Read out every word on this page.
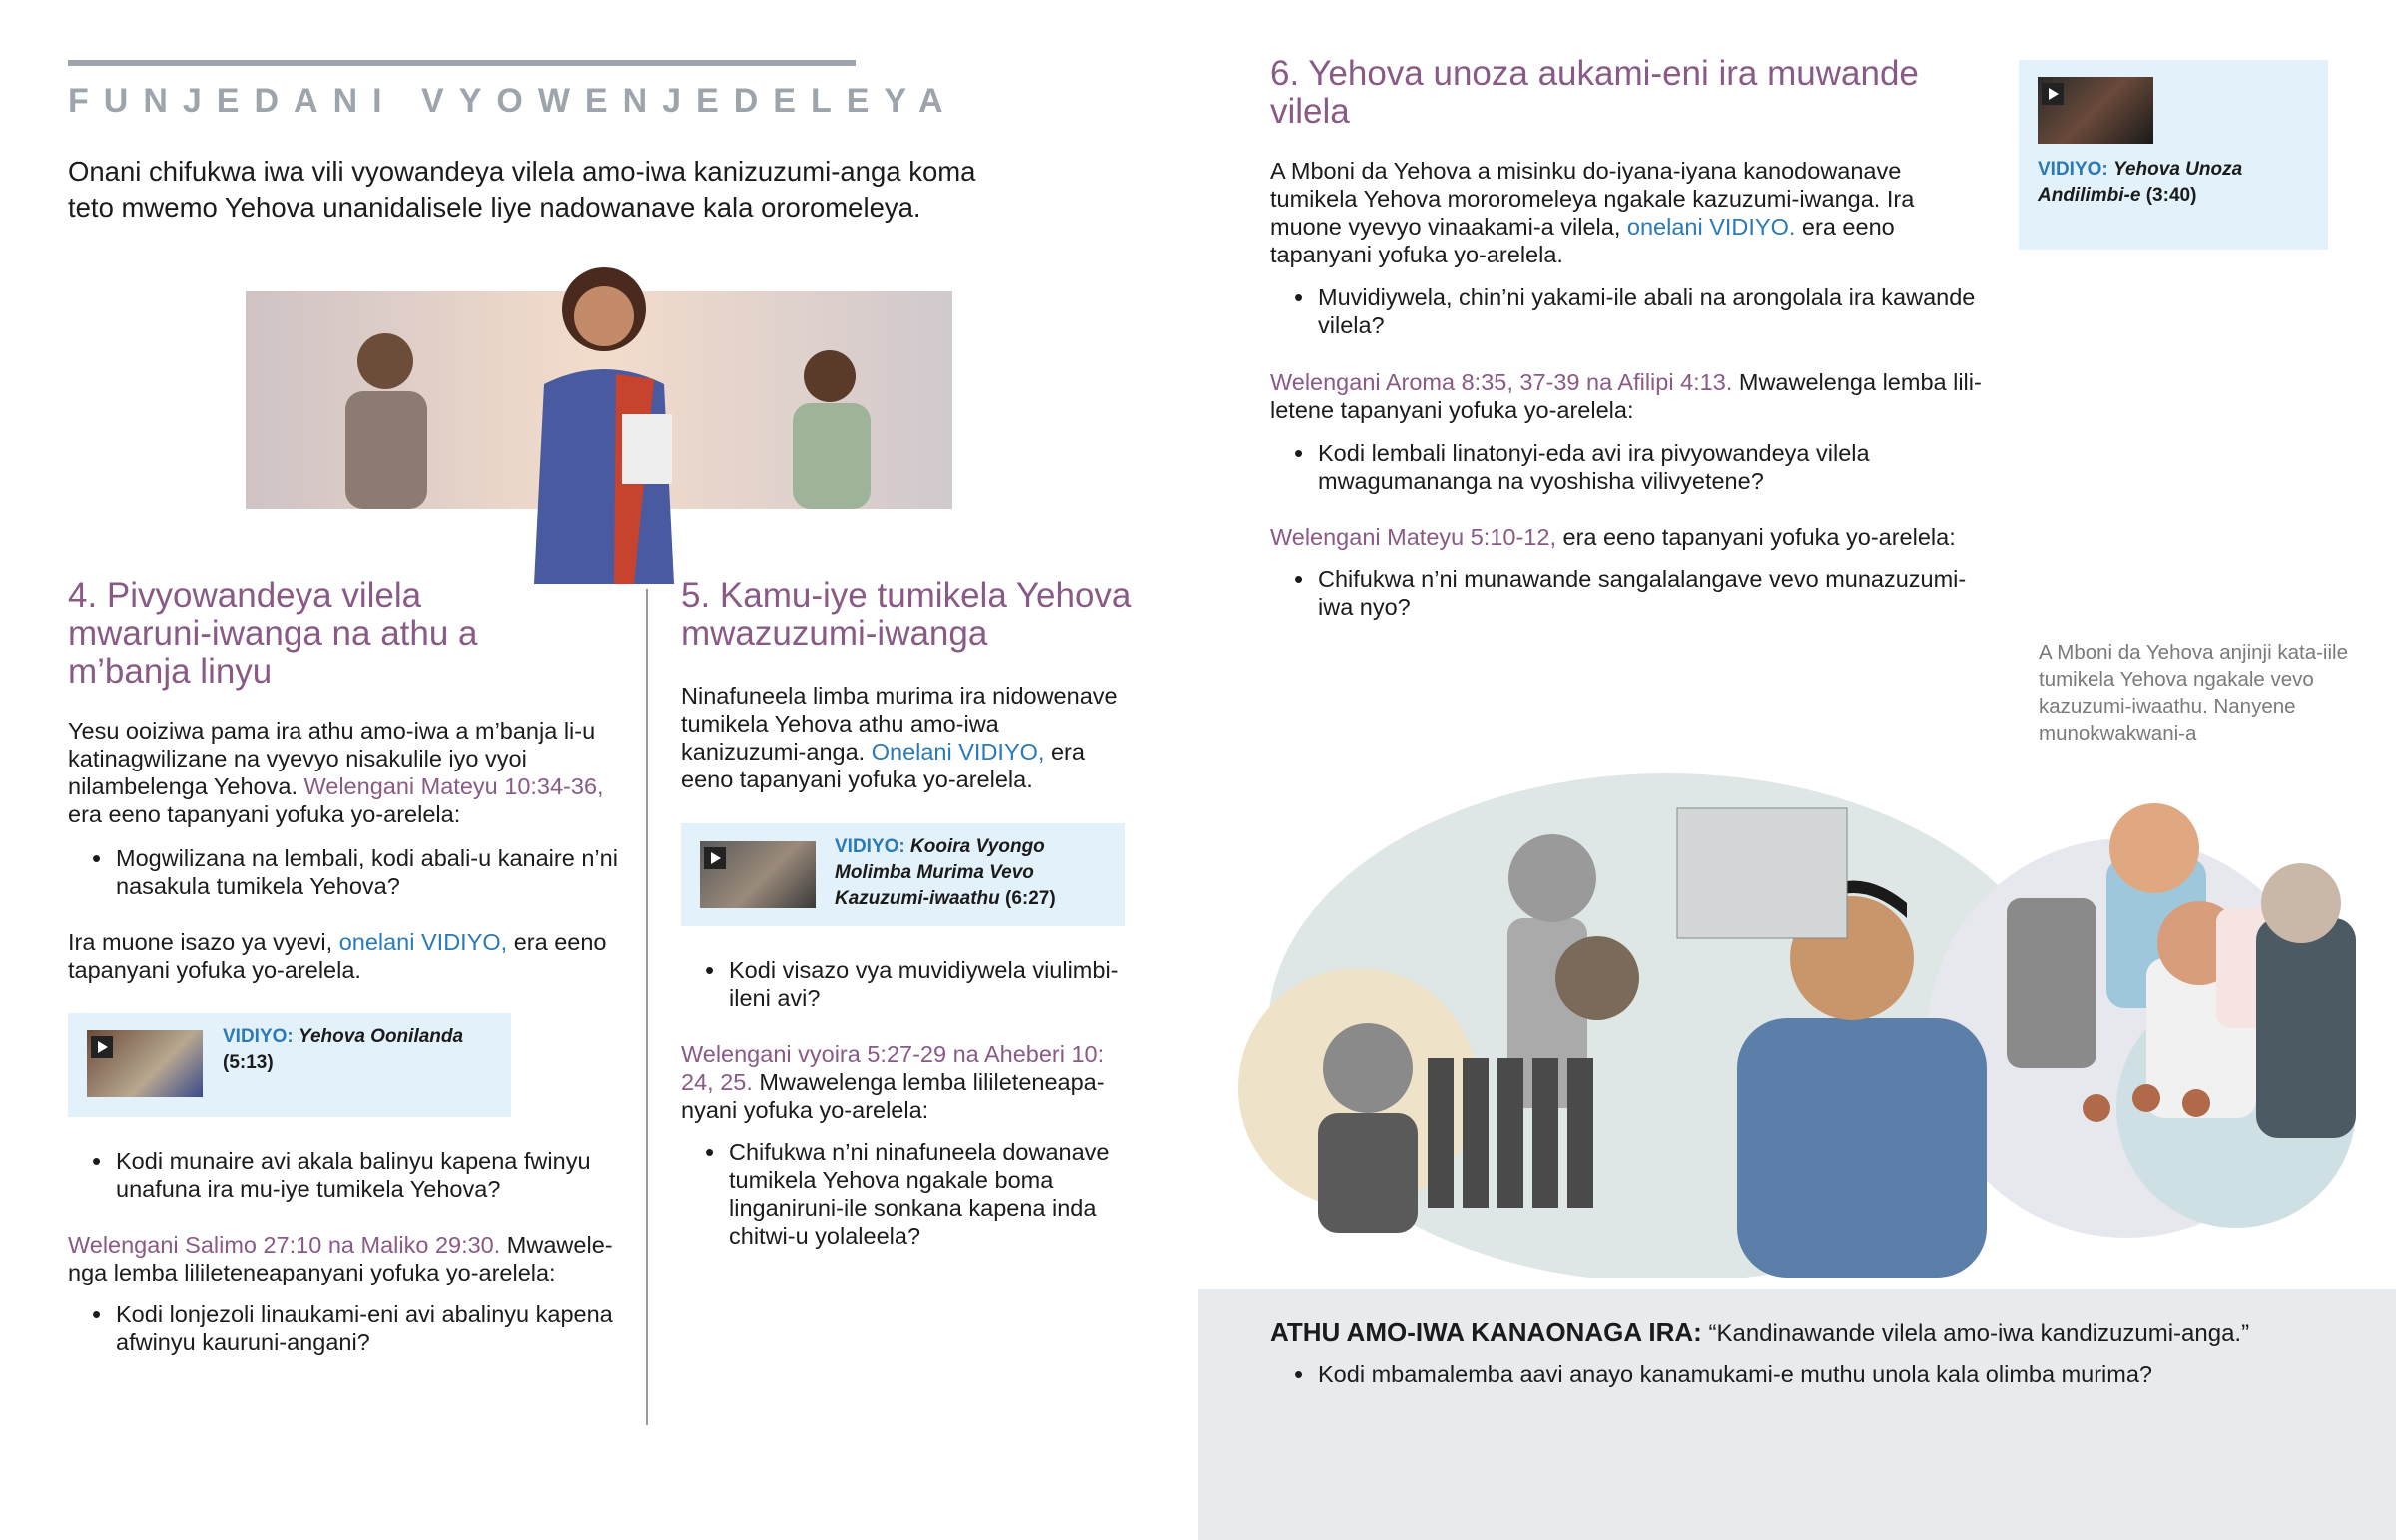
FUNJEDANI VYOWENJEDELEYA

Onani chifukwa iwa vili vyowandeya vilela amo-iwa kanizuzumi-anga koma teto mwemo Yehova unanidalisele liye nadowanave kala ororomeleya.

4. Pivyowandeya vilela mwaruni-iwanga na athu a m’banja linyu

Yesu ooiziwa pama ira athu amo-iwa a m’banja li-u katinagwilizane na vyevyo nisakulile iyo vyoi nilambelenga Yehova. Welengani Mateyu 10:34-36, era eeno tapanyani yofuka yo-arelela:

• Mogwilizana na lembali, kodi abali-u kanaire n’ni nasakula tumikela Yehova?

Ira muone isazo ya vyevi, onelani VIDIYO, era eeno tapanyani yofuka yo-arelela.

VIDIYO: Yehova Oonilanda
(5:13)
• Kodi munaire avi akala balinyu kapena fwinyu unafuna ira mu-iye tumikela Yehova?

Welengani Salimo 27:10 na Maliko 29:30. Mwawelenga lemba lilileteneapanyani yofuka yo-arelela:

• Kodi lonjezoli linaukami-eni avi abalinyu kapena afwinyu kauruni-angani?
5. Kamu-iye tumikela Yehova mwazuzumi-iwanga

Ninafuneela limba murima ira nidowenave tumikela Yehova athu amo-iwa kanizuzumi-anga. Onelani VIDIYO, era eeno tapanyani yofuka yo-arelela.

VIDIYO: Kooira Vyongo Molimba Murima Vevo Kazuzumi-iwaathu (6:27)
• Kodi visazo vya muvidiywela viulimbi-ileni avi?

Welengani vyoira 5:27-29 na Aheberi 10: 24, 25. Mwawelenga lemba lilileteneapanyani yofuka yo-arelela:

• Chifukwa n’ni ninafuneela dowanave tumikela Yehova ngakale boma linganiruni-ile sonkana kapena inda chitwi-u yolaleela?
6. Yehova unoza aukami-eni ira muwande vilela

A Mboni da Yehova a misinku do-iyana-iyana kanodowanave tumikela Yehova mororomeleya ngakale kazuzumi-iwanga. Ira muone vyevyo vinaakami-a vilela, onelani VIDIYO. era eeno tapanyani yofuka yo-arelela.

• Muvidiywela, chin’ni yakami-ile abali na arongolala ira kawande vilela?

Welengani Aroma 8:35, 37-39 na Afilipi 4:13. Mwawelenga lemba lililetene tapanyani yofuka yo-arelela:

• Kodi lembali linatonyi-eda avi ira pivyowandeya vilela mwagumananga na vyoshisha vilivyetene?

Welengani Mateyu 5:10-12, era eeno tapanyani yofuka yo-arelela:

• Chifukwa n’ni munawande sangalalangave vevo munazuzumi-iwa nyo?
VIDIYO: Yehova Unoza Andilimbi-e (3:40)

A Mboni da Yehova anjinji kata-iile tumikela Yehova ngakale vevo kazuzumi-iwaathu. Nanyene munokwakwani-a

ATHU AMO-IWA KANAONAGA IRA: “Kandinawande vilela amo-iwa kandizuzumi-anga.”

• Kodi mbamalemba aavi anayo kanamukami-e muthu unola kala olimba murima?
